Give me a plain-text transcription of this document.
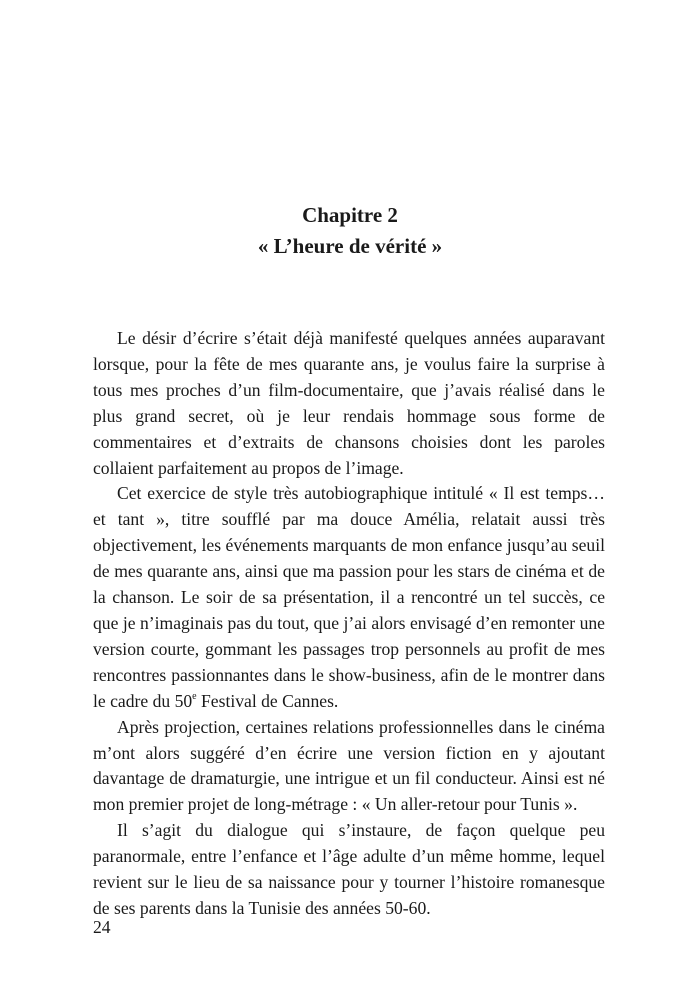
Chapitre 2
« L’heure de vérité »

Le désir d’écrire s’était déjà manifesté quelques années auparavant lorsque, pour la fête de mes quarante ans, je voulus faire la surprise à tous mes proches d’un film-documentaire, que j’avais réalisé dans le plus grand secret, où je leur rendais hommage sous forme de commentaires et d’extraits de chansons choisies dont les paroles collaient parfaitement au propos de l’image.

Cet exercice de style très autobiographique intitulé « Il est temps… et tant », titre soufflé par ma douce Amélia, relatait aussi très objectivement, les événements marquants de mon enfance jusqu’au seuil de mes quarante ans, ainsi que ma passion pour les stars de cinéma et de la chanson. Le soir de sa présentation, il a rencontré un tel succès, ce que je n’imaginais pas du tout, que j’ai alors envisagé d’en remonter une version courte, gommant les passages trop personnels au profit de mes rencontres passionnantes dans le show-business, afin de le montrer dans le cadre du 50e Festival de Cannes.

Après projection, certaines relations professionnelles dans le cinéma m’ont alors suggéré d’en écrire une version fiction en y ajoutant davantage de dramaturgie, une intrigue et un fil conducteur. Ainsi est né mon premier projet de long-métrage : « Un aller-retour pour Tunis ».

Il s’agit du dialogue qui s’instaure, de façon quelque peu paranormale, entre l’enfance et l’âge adulte d’un même homme, lequel revient sur le lieu de sa naissance pour y tourner l’histoire romanesque de ses parents dans la Tunisie des années 50-60.

24
